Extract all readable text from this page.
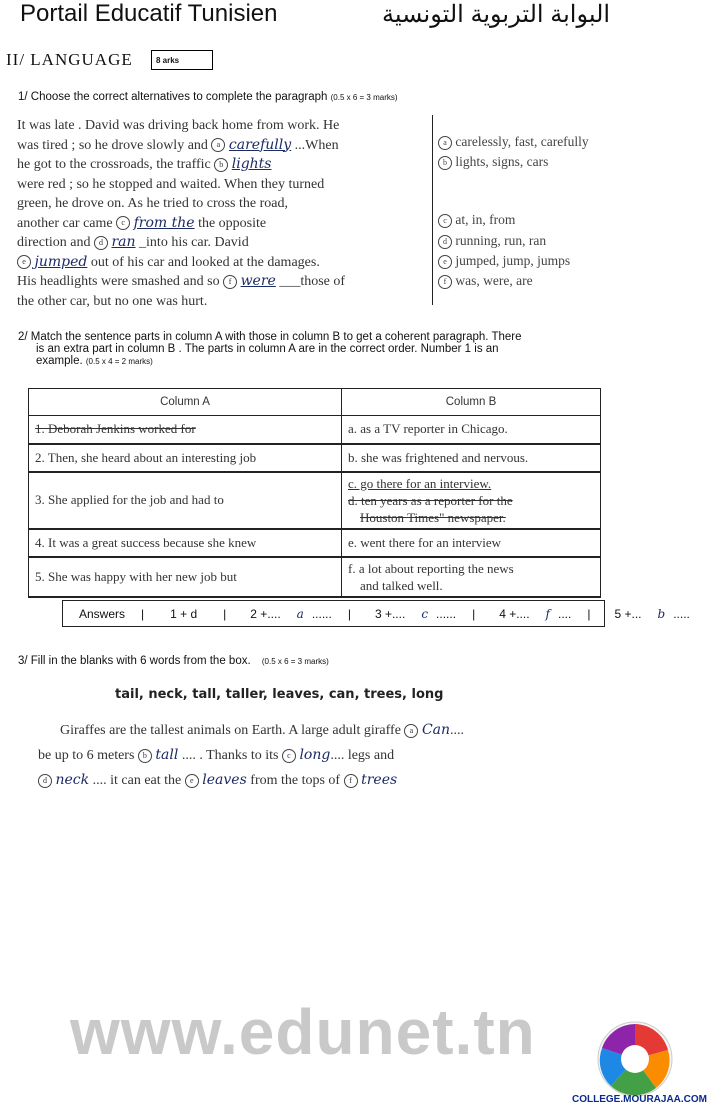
Portail Educatif Tunisien	البوابة التربوية التونسية
II/ LANGUAGE	8 arks
1/ Choose the correct alternatives to complete the paragraph (0.5 x 6 = 3 marks)
It was late . David was driving back home from work. He
was tired ; so he drove slowly and a carefully ...When
he got to the crossroads, the traffic b lights
were red ; so he stopped and waited. When they turned
green, he drove on. As he tried to cross the road,
another car came c from the the opposite
direction and d ran _into his car. David
e jumped out of his car and looked at the damages.
His headlights were smashed and so f were ___those of
the other car, but no one was hurt.
a carelessly, fast, carefully
b lights, signs, cars
c at, in, from
d running, run, ran
e jumped, jump, jumps
f was, were, are
2/ Match the sentence parts in column A with those in column B to get a coherent paragraph. There
is an extra part in column B . The parts in column A are in the correct order. Number 1 is an
example. (0.5 x 4 = 2 marks)
Column A	Column B
1. Deborah Jenkins worked for	a. as a TV reporter in Chicago.
2. Then, she heard about an interesting job	b. she was frightened and nervous.
3. She applied for the job and had to	c. go there for an interview.
d. ten years as a reporter for the
Houston Times" newspaper.

4. It was a great success because she knew	e. went there for an interview
5. She was happy with her new job but	f. a lot about reporting the news
and talked well.
Answers	|	1 + d	|	2 +.... a ......	|	3 +.... c ......	|	4 +.... f ....	|	5 +... b .....
3/ Fill in the blanks with 6 words from the box. (0.5 x 6 = 3 marks)
tail, neck, tall, taller, leaves, can, trees, long
Giraffes are the tallest animals on Earth. A large adult giraffe a Can....
be up to 6 meters b tall .... . Thanks to its c long.... legs and
d neck .... it can eat the e leaves from the tops of f trees
www.edunet.tn
COLLEGE.MOURAJAA.COM
